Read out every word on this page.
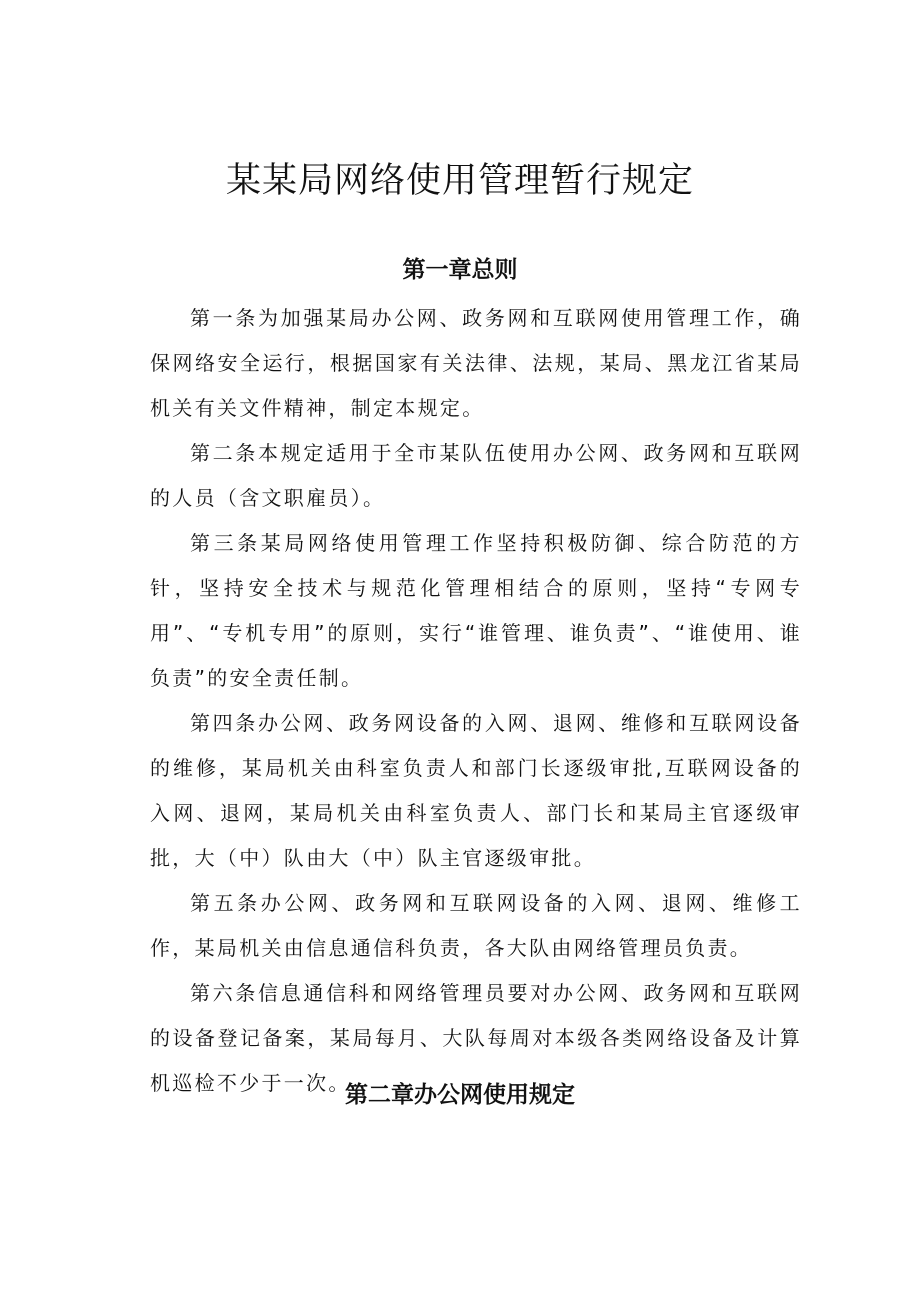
某某局网络使用管理暂行规定
第一章总则

第一条为加强某局办公网、政务网和互联网使用管理工作，确保网络安全运行，根据国家有关法律、法规，某局、黑龙江省某局机关有关文件精神，制定本规定。

第二条本规定适用于全市某队伍使用办公网、政务网和互联网的人员（含文职雇员）。

第三条某局网络使用管理工作坚持积极防御、综合防范的方针，坚持安全技术与规范化管理相结合的原则，坚持“专网专用”、“专机专用”的原则，实行“谁管理、谁负责”、“谁使用、谁负责”的安全责任制。

第四条办公网、政务网设备的入网、退网、维修和互联网设备的维修，某局机关由科室负责人和部门长逐级审批,互联网设备的入网、退网，某局机关由科室负责人、部门长和某局主官逐级审批，大（中）队由大（中）队主官逐级审批。

第五条办公网、政务网和互联网设备的入网、退网、维修工作，某局机关由信息通信科负责，各大队由网络管理员负责。

第六条信息通信科和网络管理员要对办公网、政务网和互联网的设备登记备案，某局每月、大队每周对本级各类网络设备及计算机巡检不少于一次。

第二章办公网使用规定
